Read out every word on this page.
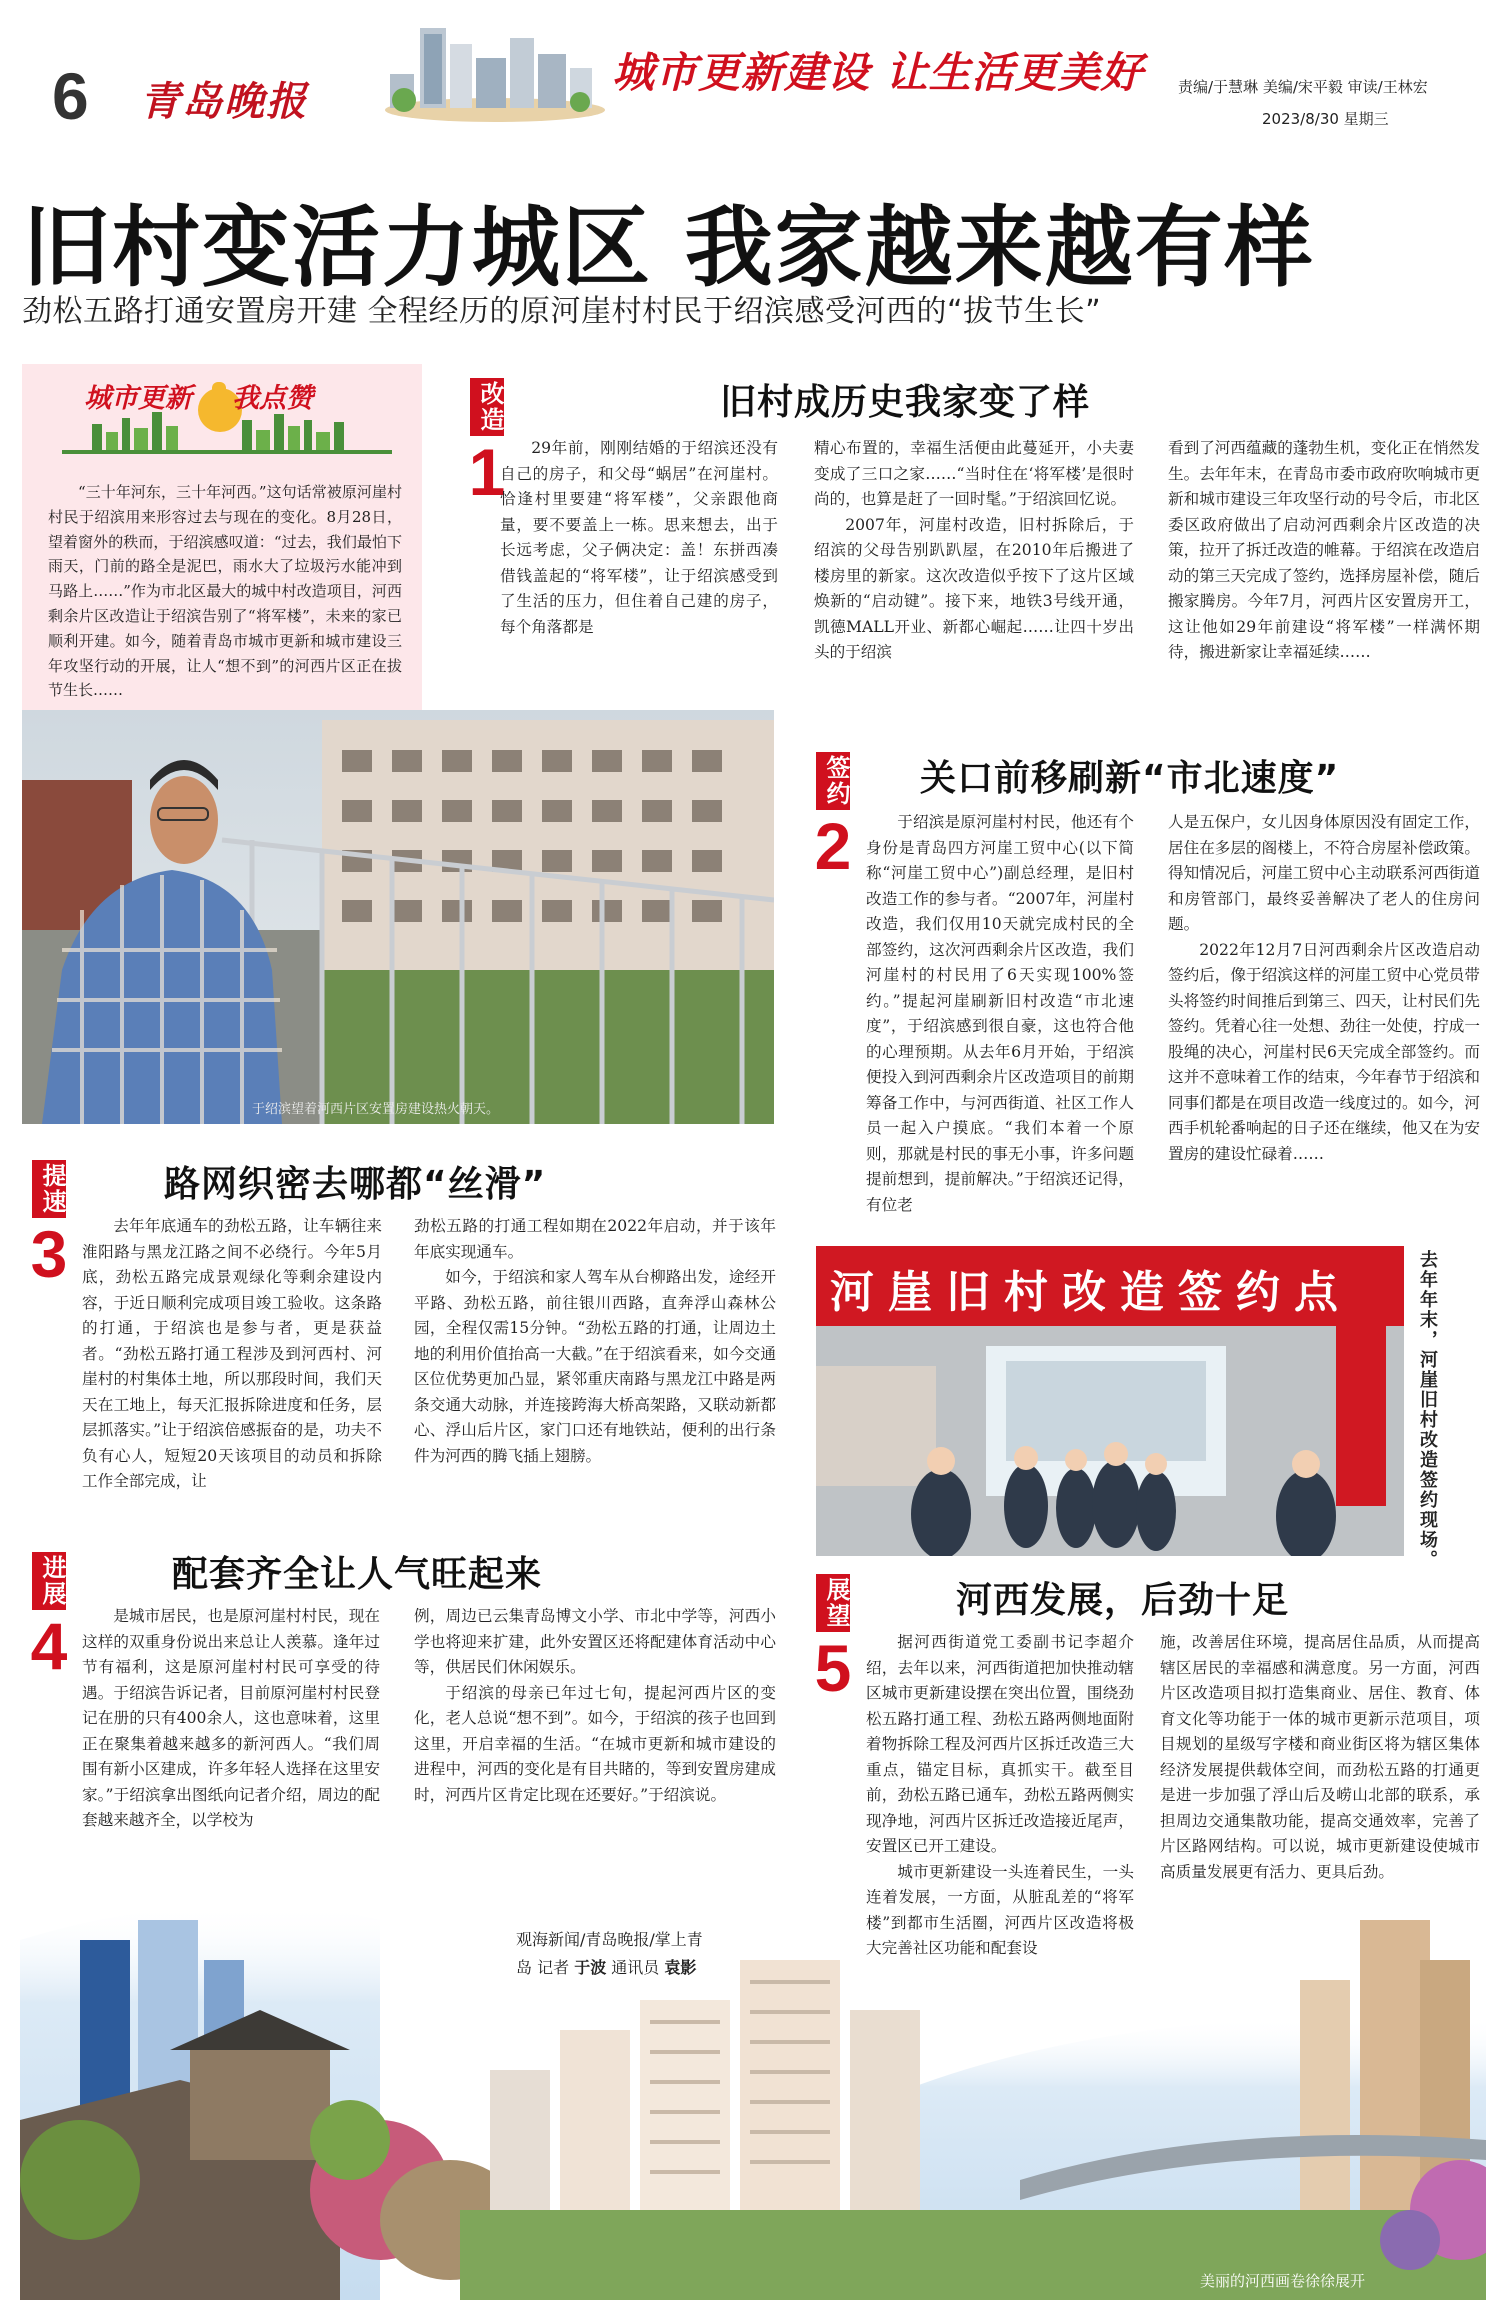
6 青岛晚报
城市更新建设 让生活更美好 责编/于慧琳 美编/宋平毅 审读/王林宏
2023/8/30 星期三
旧村变活力城区 我家越来越有样
劲松五路打通安置房开建 全程经历的原河崖村村民于绍滨感受河西的“拔节生长”
城市更新 我点赞

“三十年河东，三十年河西。”这句话常被原河崖村村民于绍滨用来形容过去与现在的变化。8月28日，望着窗外的秩而，于绍滨感叹道：“过去，我们最怕下雨天，门前的路全是泥巴，雨水大了垃圾污水能冲到马路上……”作为市北区最大的城中村改造项目，河西剩余片区改造让于绍滨告别了“将军楼”，未来的家已顺利开建。如今，随着青岛市城市更新和城市建设三年攻坚行动的开展，让人“想不到”的河西片区正在拔节生长……

于绍滨望着河西片区安置房建设热火朝天。
改造
1
旧村成历史我家变了样

29年前，刚刚结婚的于绍滨还没有自己的房子，和父母“蜗居”在河崖村。恰逢村里要建“将军楼”，父亲跟他商量，要不要盖上一栋。思来想去，出于长远考虑，父子俩决定：盖！东拼西凑借钱盖起的“将军楼”，让于绍滨感受到了生活的压力，但住着自己建的房子，每个角落都是

精心布置的，幸福生活便由此蔓延开，小夫妻变成了三口之家……“当时住在‘将军楼’是很时尚的，也算是赶了一回时髦。”于绍滨回忆说。

2007年，河崖村改造，旧村拆除后，于绍滨的父母告别趴趴屋，在2010年后搬进了楼房里的新家。这次改造似乎按下了这片区域焕新的“启动键”。接下来，地铁3号线开通，凯德MALL开业、新都心崛起……让四十岁出头的于绍滨

看到了河西蕴藏的蓬勃生机，变化正在悄然发生。去年年末，在青岛市委市政府吹响城市更新和城市建设三年攻坚行动的号令后，市北区委区政府做出了启动河西剩余片区改造的决策，拉开了拆迁改造的帷幕。于绍滨在改造启动的第三天完成了签约，选择房屋补偿，随后搬家腾房。今年7月，河西片区安置房开工，这让他如29年前建设“将军楼”一样满怀期待，搬进新家让幸福延续……

签约
2
关口前移刷新“市北速度”

于绍滨是原河崖村村民，他还有个身份是青岛四方河崖工贸中心(以下简称“河崖工贸中心”)副总经理，是旧村改造工作的参与者。“2007年，河崖村改造，我们仅用10天就完成村民的全部签约，这次河西剩余片区改造，我们河崖村的村民用了6天实现100%签约。”提起河崖刷新旧村改造“市北速度”，于绍滨感到很自豪，这也符合他的心理预期。从去年6月开始，于绍滨便投入到河西剩余片区改造项目的前期筹备工作中，与河西街道、社区工作人员一起入户摸底。“我们本着一个原则，那就是村民的事无小事，许多问题提前想到，提前解决。”于绍滨还记得，有位老

人是五保户，女儿因身体原因没有固定工作，居住在多层的阁楼上，不符合房屋补偿政策。得知情况后，河崖工贸中心主动联系河西街道和房管部门，最终妥善解决了老人的住房问题。

2022年12月7日河西剩余片区改造启动签约后，像于绍滨这样的河崖工贸中心党员带头将签约时间推后到第三、四天，让村民们先签约。凭着心往一处想、劲往一处使，拧成一股绳的决心，河崖村民6天完成全部签约。而这并不意味着工作的结束，今年春节于绍滨和同事们都是在项目改造一线度过的。如今，河西手机轮番响起的日子还在继续，他又在为安置房的建设忙碌着……

提速
3
路网织密去哪都“丝滑”

去年年底通车的劲松五路，让车辆往来淮阳路与黑龙江路之间不必绕行。今年5月底，劲松五路完成景观绿化等剩余建设内容，于近日顺利完成项目竣工验收。这条路的打通，于绍滨也是参与者，更是获益者。“劲松五路打通工程涉及到河西村、河崖村的村集体土地，所以那段时间，我们天天在工地上，每天汇报拆除进度和任务，层层抓落实。”让于绍滨倍感振奋的是，功夫不负有心人，短短20天该项目的动员和拆除工作全部完成，让

劲松五路的打通工程如期在2022年启动，并于该年年底实现通车。

如今，于绍滨和家人驾车从台柳路出发，途经开平路、劲松五路，前往银川西路，直奔浮山森林公园，全程仅需15分钟。“劲松五路的打通，让周边土地的利用价值抬高一大截。”在于绍滨看来，如今交通区位优势更加凸显，紧邻重庆南路与黑龙江中路是两条交通大动脉，并连接跨海大桥高架路，又联动新都心、浮山后片区，家门口还有地铁站，便利的出行条件为河西的腾飞插上翅膀。

河崖旧村改造签约点	去年年末，河崖旧村改造签约现场。
进展
4
配套齐全让人气旺起来

是城市居民，也是原河崖村村民，现在这样的双重身份说出来总让人羡慕。逢年过节有福利，这是原河崖村村民可享受的待遇。于绍滨告诉记者，目前原河崖村村民登记在册的只有400余人，这也意味着，这里正在聚集着越来越多的新河西人。“我们周围有新小区建成，许多年轻人选择在这里安家。”于绍滨拿出图纸向记者介绍，周边的配套越来越齐全，以学校为

例，周边已云集青岛博文小学、市北中学等，河西小学也将迎来扩建，此外安置区还将配建体育活动中心等，供居民们休闲娱乐。

于绍滨的母亲已年过七旬，提起河西片区的变化，老人总说“想不到”。如今，于绍滨的孩子也回到这里，开启幸福的生活。“在城市更新和城市建设的进程中，河西的变化是有目共睹的，等到安置房建成时，河西片区肯定比现在还要好。”于绍滨说。

展望
5
河西发展，后劲十足

据河西街道党工委副书记李超介绍，去年以来，河西街道把加快推动辖区城市更新建设摆在突出位置，围绕劲松五路打通工程、劲松五路两侧地面附着物拆除工程及河西片区拆迁改造三大重点，锚定目标，真抓实干。截至目前，劲松五路已通车，劲松五路两侧实现净地，河西片区拆迁改造接近尾声，安置区已开工建设。

城市更新建设一头连着民生，一头连着发展，一方面，从脏乱差的“将军楼”到都市生活圈，河西片区改造将极大完善社区功能和配套设

施，改善居住环境，提高居住品质，从而提高辖区居民的幸福感和满意度。另一方面，河西片区改造项目拟打造集商业、居住、教育、体育文化等功能于一体的城市更新示范项目，项目规划的星级写字楼和商业街区将为辖区集体经济发展提供载体空间，而劲松五路的打通更是进一步加强了浮山后及崂山北部的联系，承担周边交通集散功能，提高交通效率，完善了片区路网结构。可以说，城市更新建设使城市高质量发展更有活力、更具后劲。

观海新闻/青岛晚报/掌上青
岛 记者 于波 通讯员 袁影
美丽的河西画卷徐徐展开
